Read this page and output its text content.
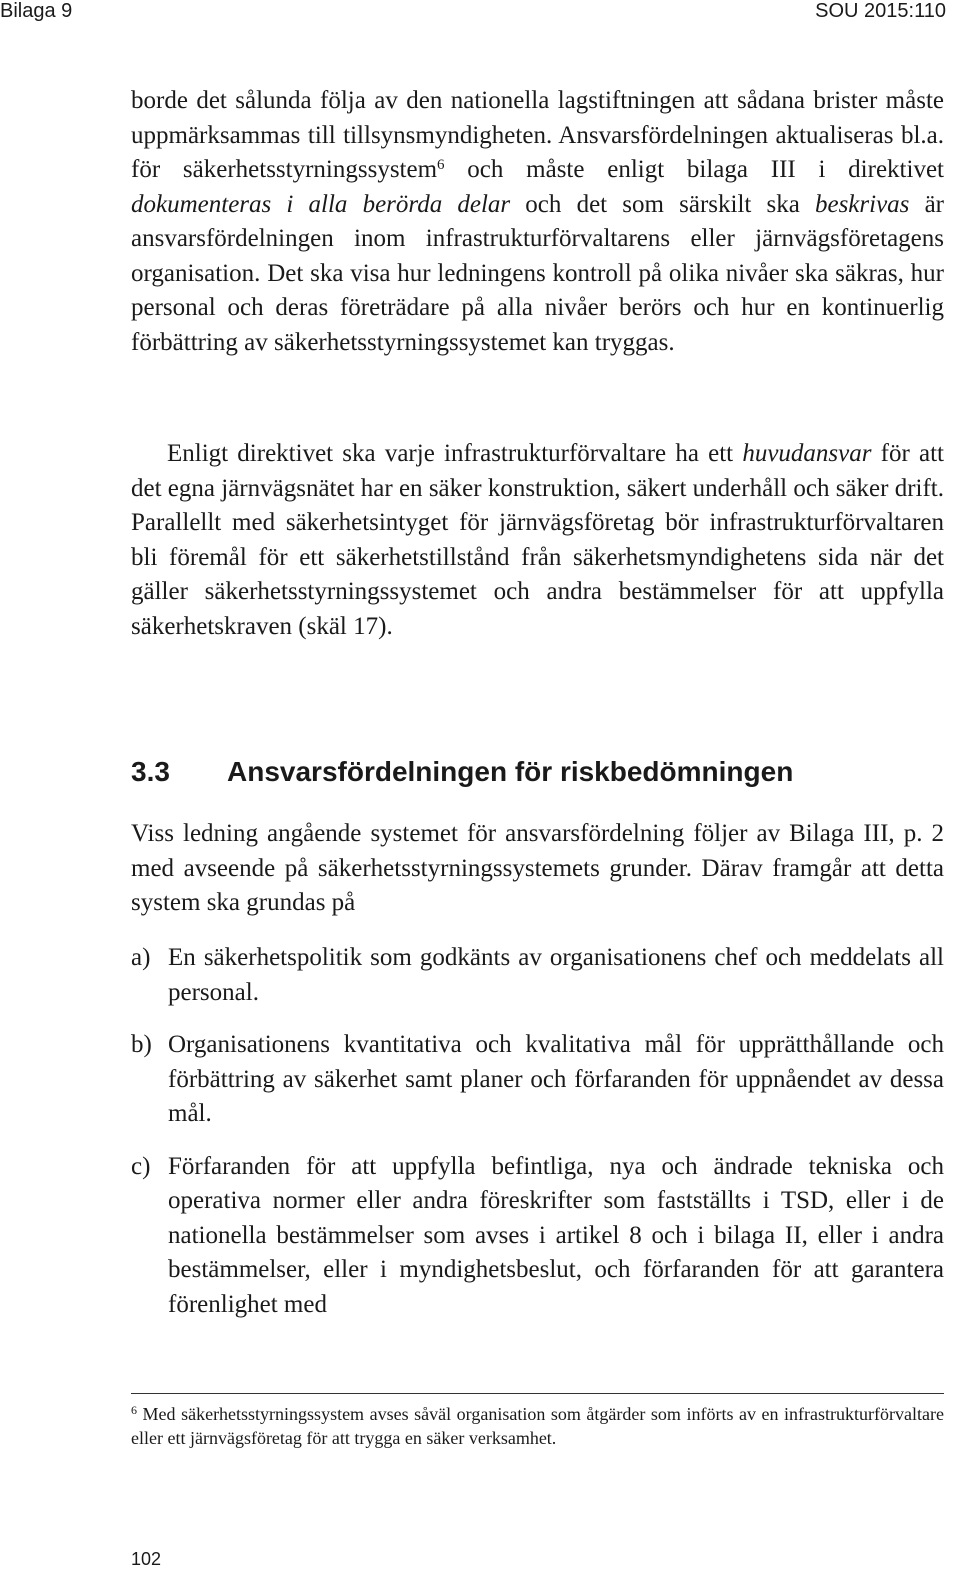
Bilaga 9	SOU 2015:110

borde det sålunda följa av den nationella lagstiftningen att sådana brister måste uppmärksammas till tillsynsmyndigheten. Ansvarsfördelningen aktualiseras bl.a. för säkerhetsstyrningssystem$^6$ och måste enligt bilaga III i direktivet dokumenteras i alla berörda delar och det som särskilt ska beskrivas är ansvarsfördelningen inom infrastrukturförvaltarens eller järnvägsföretagens organisation. Det ska visa hur ledningens kontroll på olika nivåer ska säkras, hur personal och deras företrädare på alla nivåer berörs och hur en kontinuerlig förbättring av säkerhetsstyrningssystemet kan tryggas.

Enligt direktivet ska varje infrastrukturförvaltare ha ett huvudansvar för att det egna järnvägsnätet har en säker konstruktion, säkert underhåll och säker drift. Parallellt med säkerhetsintyget för järnvägsföretag bör infrastrukturförvaltaren bli föremål för ett säkerhetstillstånd från säkerhetsmyndighetens sida när det gäller säkerhetsstyrningssystemet och andra bestämmelser för att uppfylla säkerhetskraven (skäl 17).

3.3 Ansvarsfördelningen för riskbedömningen

Viss ledning angående systemet för ansvarsfördelning följer av Bilaga III, p. 2 med avseende på säkerhetsstyrningssystemets grunder. Därav framgår att detta system ska grundas på

a) En säkerhetspolitik som godkänts av organisationens chef och meddelats all personal.
b) Organisationens kvantitativa och kvalitativa mål för upprätthållande och förbättring av säkerhet samt planer och förfaranden för uppnåendet av dessa mål.
c) Förfaranden för att uppfylla befintliga, nya och ändrade tekniska och operativa normer eller andra föreskrifter som fastställts i TSD, eller i de nationella bestämmelser som avses i artikel 8 och i bilaga II, eller i andra bestämmelser, eller i myndighetsbeslut, och förfaranden för att garantera förenlighet med
$^6$ Med säkerhetsstyrningssystem avses såväl organisation som åtgärder som införts av en infrastrukturförvaltare eller ett järnvägsföretag för att trygga en säker verksamhet.
102
